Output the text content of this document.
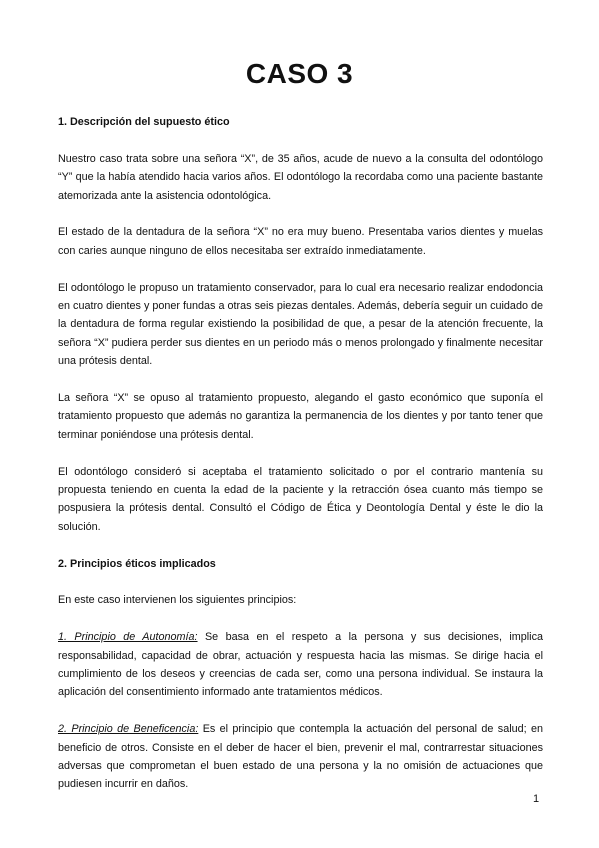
CASO 3
1. Descripción del supuesto ético

Nuestro caso trata sobre una señora “X”, de 35 años, acude de nuevo a la consulta del odontólogo “Y” que la había atendido hacia varios años. El odontólogo la recordaba como una paciente bastante atemorizada ante la asistencia odontológica.

El estado de la dentadura de la señora “X” no era muy bueno. Presentaba varios dientes y muelas con caries aunque ninguno de ellos necesitaba ser extraído inmediatamente.

El odontólogo le propuso un tratamiento conservador, para lo cual era necesario realizar endodoncia en cuatro dientes y poner fundas a otras seis piezas dentales. Además, debería seguir un cuidado de la dentadura de forma regular existiendo la posibilidad de que, a pesar de la atención frecuente, la señora “X” pudiera perder sus dientes en un periodo más o menos prolongado y finalmente necesitar una prótesis dental.

La señora “X” se opuso al tratamiento propuesto, alegando el gasto económico que suponía el tratamiento propuesto que además no garantiza la permanencia de los dientes y por tanto tener que terminar poniéndose una prótesis dental.

El odontólogo consideró si aceptaba el tratamiento solicitado o por el contrario mantenía su propuesta teniendo en cuenta la edad de la paciente y la retracción ósea cuanto más tiempo se pospusiera la prótesis dental. Consultó el Código de Ética y Deontología Dental y éste le dio la solución.

2. Principios éticos implicados

En este caso intervienen los siguientes principios:

1. Principio de Autonomía: Se basa en el respeto a la persona y sus decisiones, implica responsabilidad, capacidad de obrar, actuación y respuesta hacia las mismas. Se dirige hacia el cumplimiento de los deseos y creencias de cada ser, como una persona individual. Se instaura la aplicación del consentimiento informado ante tratamientos médicos.

2. Principio de Beneficencia: Es el principio que contempla la actuación del personal de salud; en beneficio de otros. Consiste en el deber de hacer el bien, prevenir el mal, contrarrestar situaciones adversas que comprometan el buen estado de una persona y la no omisión de actuaciones que pudiesen incurrir en daños.

1
